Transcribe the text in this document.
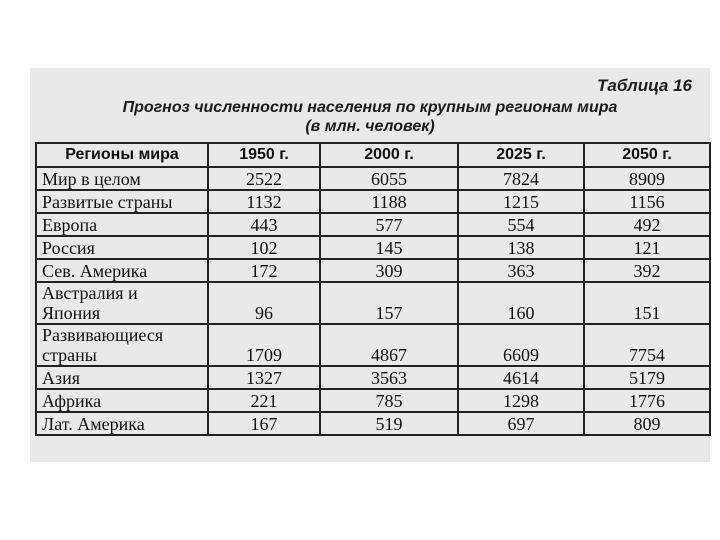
Таблица 16
Прогноз численности населения по крупным регионам мира
(в млн. человек)
Регионы мира	1950 г.	2000 г.	2025 г.	2050 г.

Мир в целом	2522	6055	7824	8909

Развитые страны	1132	1188	1215	1156

Европа	443	577	554	492

Россия	102	145	138	121

Сев. Америка	172	309	363	392

Австралия и
Япония	96	157	160	151

Развивающиеся
страны	1709	4867	6609	7754

Азия	1327	3563	4614	5179

Африка	221	785	1298	1776

Лат. Америка	167	519	697	809
